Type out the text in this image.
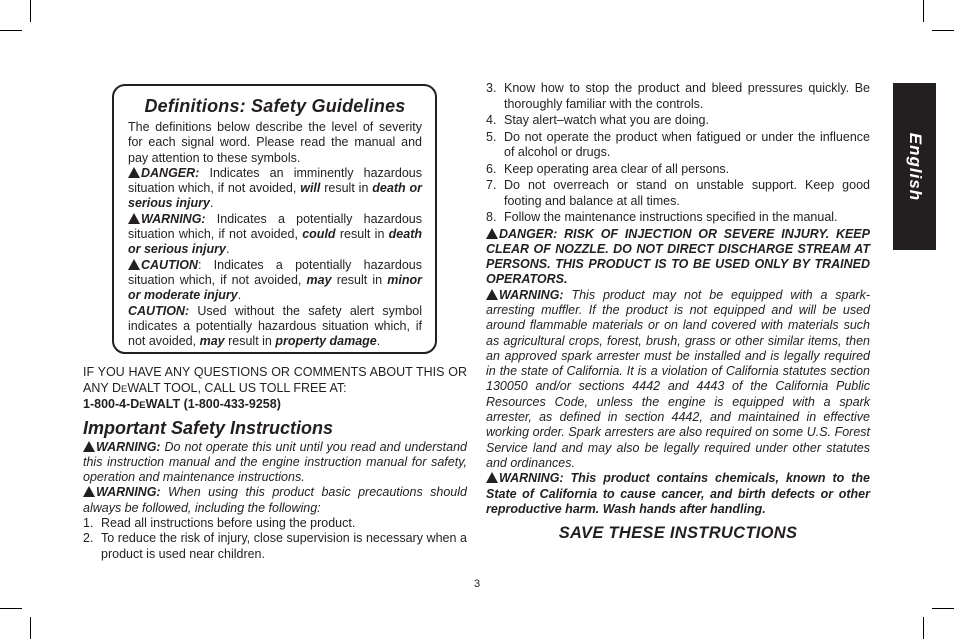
Definitions: Safety Guidelines

The definitions below describe the level of severity for each signal word. Please read the manual and pay attention to these symbols.

DANGER: Indicates an imminently hazardous situation which, if not avoided, will result in death or serious injury.

WARNING: Indicates a potentially hazardous situation which, if not avoided, could result in death or serious injury.

CAUTION: Indicates a potentially hazardous situation which, if not avoided, may result in minor or moderate injury.

CAUTION: Used without the safety alert symbol indicates a potentially hazardous situation which, if not avoided, may result in property damage.

IF YOU HAVE ANY QUESTIONS OR COMMENTS ABOUT THIS OR ANY DEWALT TOOL, CALL US TOLL FREE AT:
1-800-4-DEWALT (1-800-433-9258)
Important Safety Instructions

WARNING: Do not operate this unit until you read and understand this instruction manual and the engine instruction manual for safety, operation and maintenance instructions.

WARNING: When using this product basic precautions should always be followed, including the following:

1. Read all instructions before using the product.
2. To reduce the risk of injury, close supervision is necessary when a product is used near children.
3. Know how to stop the product and bleed pressures quickly. Be thoroughly familiar with the controls.
4. Stay alert–watch what you are doing.
5. Do not operate the product when fatigued or under the influence of alcohol or drugs.
6. Keep operating area clear of all persons.
7. Do not overreach or stand on unstable support. Keep good footing and balance at all times.
8. Follow the maintenance instructions specified in the manual.

DANGER: RISK OF INJECTION OR SEVERE INJURY. KEEP CLEAR OF NOZZLE. DO NOT DIRECT DISCHARGE STREAM AT PERSONS. THIS PRODUCT IS TO BE USED ONLY BY TRAINED OPERATORS.

WARNING: This product may not be equipped with a spark-arresting muffler. If the product is not equipped and will be used around flammable materials or on land covered with materials such as agricultural crops, forest, brush, grass or other similar items, then an approved spark arrester must be installed and is legally required in the state of California. It is a violation of California statutes section 130050 and/or sections 4442 and 4443 of the California Public Resources Code, unless the engine is equipped with a spark arrester, as defined in section 4442, and maintained in effective working order. Spark arresters are also required on some U.S. Forest Service land and may also be legally required under other statutes and ordinances.

WARNING: This product contains chemicals, known to the State of California to cause cancer, and birth defects or other reproductive harm. Wash hands after handling.

SAVE THESE INSTRUCTIONS
English
3
